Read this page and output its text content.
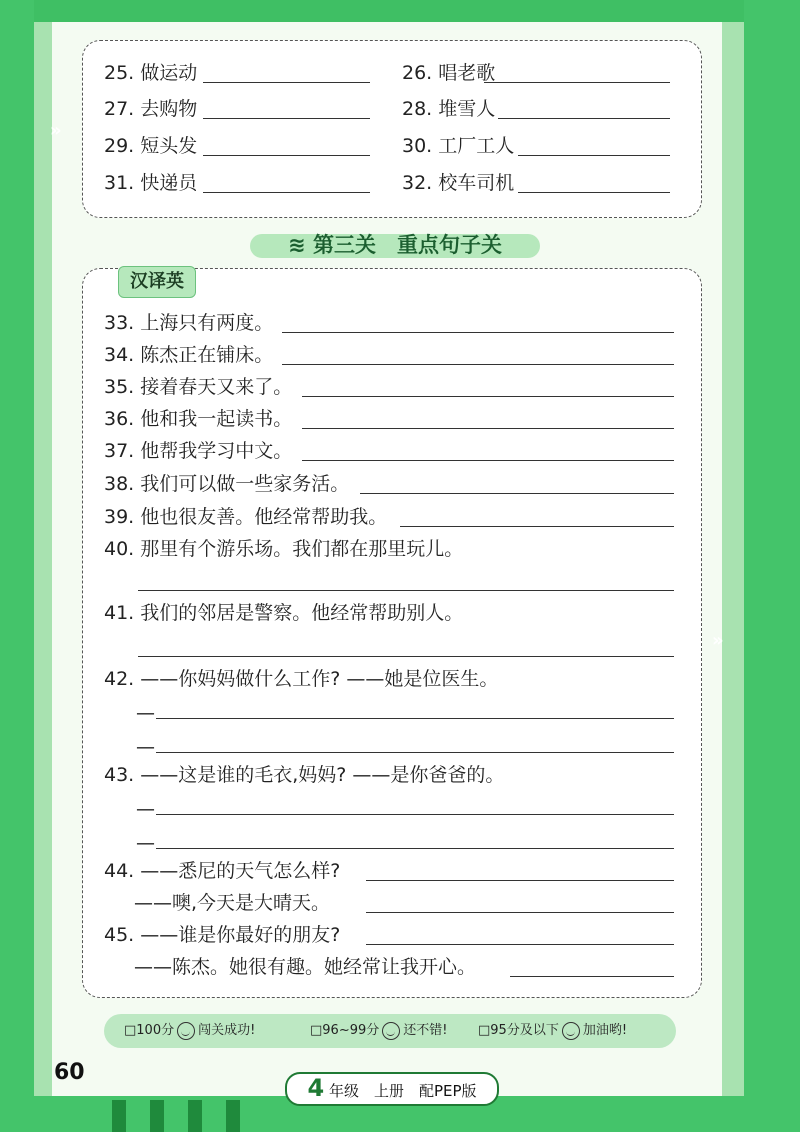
»
»
25. 做运动	26. 唱老歌
27. 去购物	28. 堆雪人
29. 短头发	30. 工厂工人
31. 快递员	32. 校车司机
≋ 第三关　重点句子关
汉译英
33. 上海只有两度。
34. 陈杰正在铺床。
35. 接着春天又来了。
36. 他和我一起读书。
37. 他帮我学习中文。
38. 我们可以做一些家务活。
39. 他也很友善。他经常帮助我。
40. 那里有个游乐场。我们都在那里玩儿。
41. 我们的邻居是警察。他经常帮助别人。
42. ——你妈妈做什么工作? ——她是位医生。
—
—
43. ——这是谁的毛衣,妈妈? ——是你爸爸的。
—
—
44. ——悉尼的天气怎么样?
——噢,今天是大晴天。
45. ——谁是你最好的朋友?
——陈杰。她很有趣。她经常让我开心。
□100分 闯关成功!	□96~99分 还不错! □95分及以下 加油哟!
60
4 年级　上册　配PEP版
